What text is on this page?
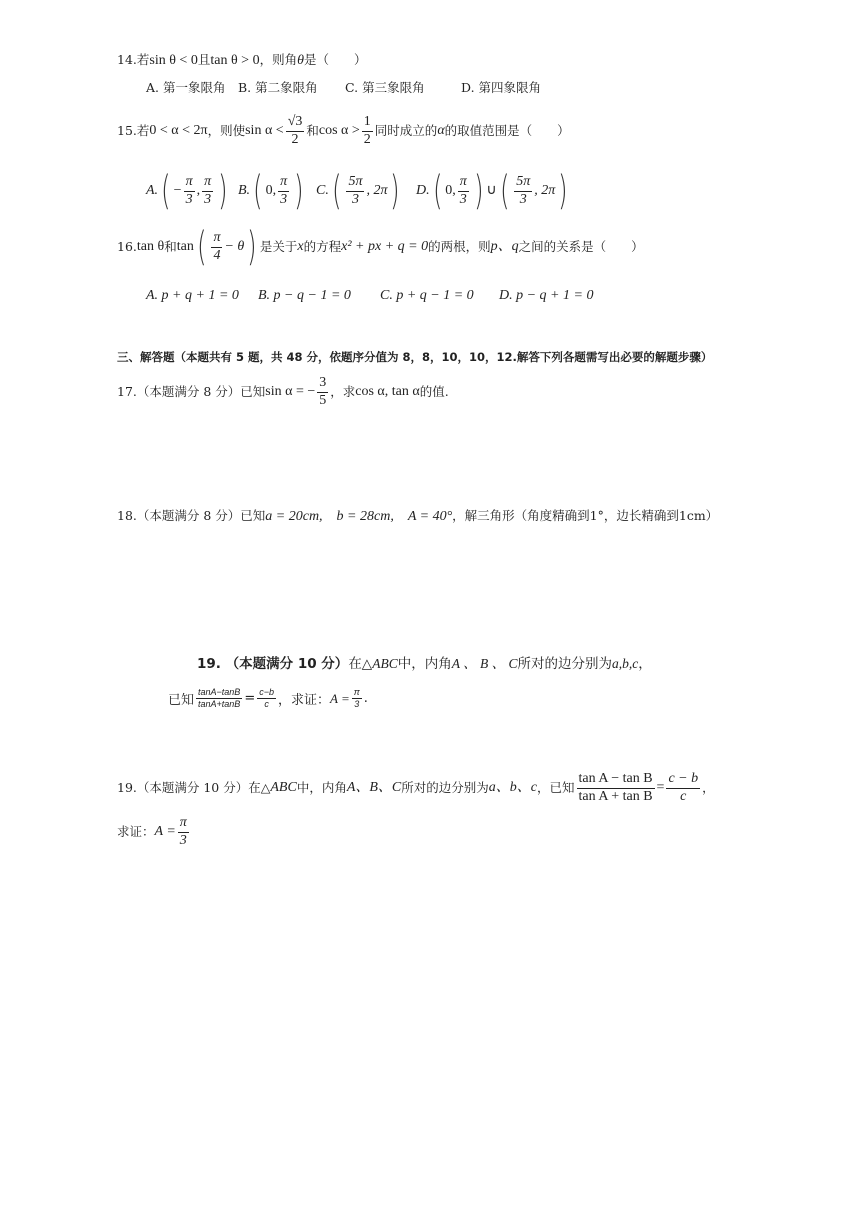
14.若sin θ < 0且tan θ > 0，则角θ是（　　）
A. 第一象限角 B. 第二象限角 C. 第三象限角	D. 第四象限角
15.若 0 < α < 2π ，则使 $\sin \alpha < \frac{√3}{2}$ 和 $\cos \alpha > \frac{1}{2}$ 同时成立的 α 的取值范围是（　　）
A. ( − $\frac{\pi}{3}$ , $\frac{\pi}{3}$ ) B. ( 0, $\frac{\pi}{3}$ ) C. ( $\frac{5\pi}{3}$ , 2π ) D. ( 0, $\frac{\pi}{3}$ ) ∪ ( $\frac{5\pi}{3}$ , 2π )
16. tan θ 和 tan ( $\frac{\pi}{4} - \theta$ ) 是关于 x 的方程 x² + px + q = 0 的两根，则 p、q 之间的关系是（　　）
A. p + q + 1 = 0 B. p − q − 1 = 0 C. p + q − 1 = 0 D. p − q + 1 = 0
三、解答题（本题共有 5 题，共 48 分，依题序分值为 8，8，10，10，12.解答下列各题需写出必要的解题步骤）
17.（本题满分 8 分）已知 sin α = − $\frac{3}{5}$ ，求 cos α, tan α 的值.
18.（本题满分 8 分）已知a = 20cm,　b = 28cm,　A = 40°，解三角形（角度精确到1°，边长精确到1cm）
19. （本题满分 10 分）在△ABC中，内角A 、 B 、 C所对的边分别为a,b,c，
已知 $\frac{\tan A-\tan B}{\tan A+\tan B} = \frac{c-b}{c}$ ，求证： $A = \frac{\pi}{3}$ .
19.（本题满分 10 分）在△ ABC 中，内角 A、B、C 所对的边分别为 a、b、c ，已知 $\frac{\text{tan A − tan B}}{\text{tan A + tan B}} = \frac{c - b}{c}$ ，
求证： $A = \frac{\pi}{3}$
